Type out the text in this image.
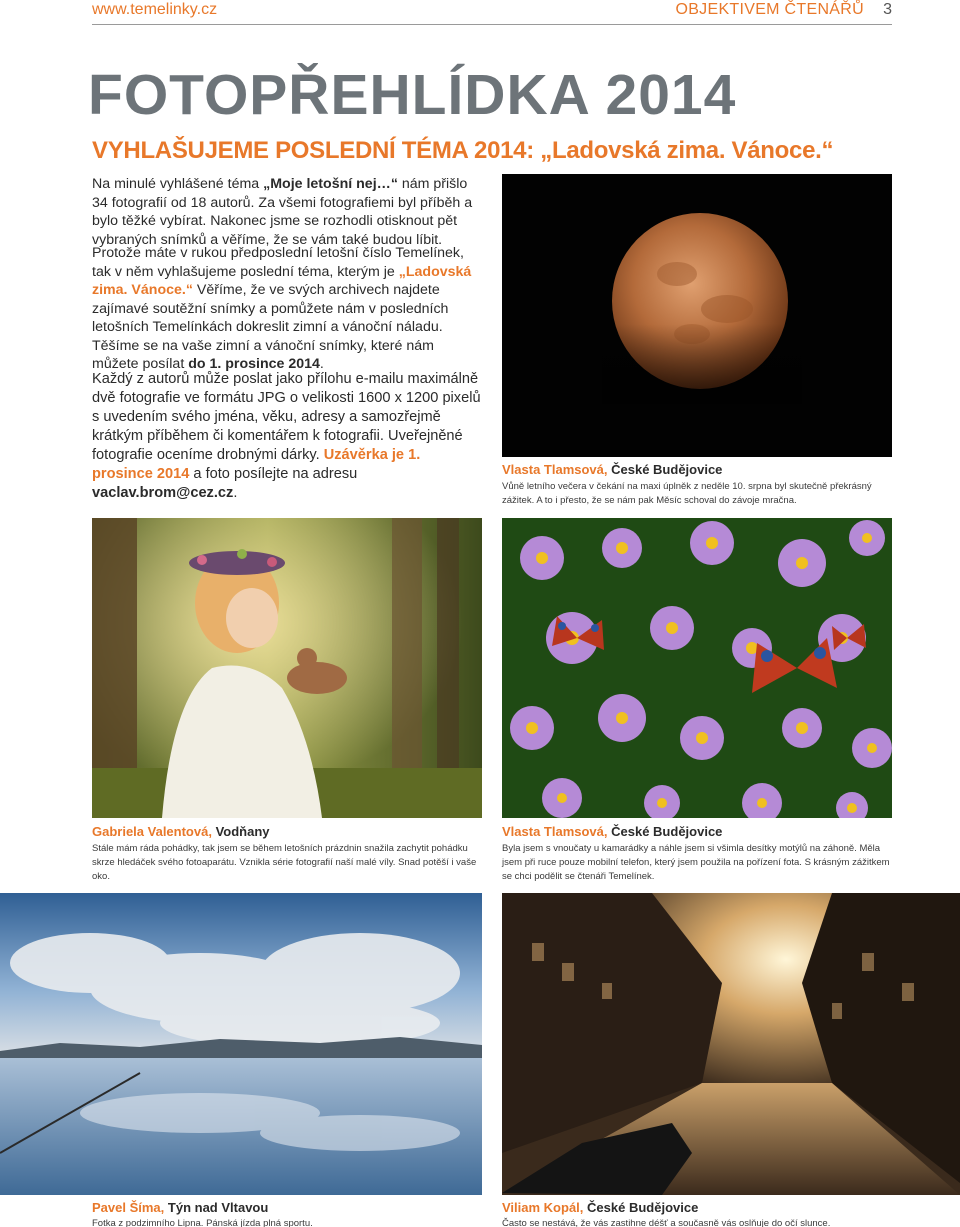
www.temelinky.cz	OBJEKTIVEM ČTENÁŘŮ 3
FOTOPŘEHLÍDKA 2014
VYHLAŠUJEME POSLEDNÍ TÉMA 2014: „Ladovská zima. Vánoce.“

Na minulé vyhlášené téma „Moje letošní nej…“ nám přišlo 34 fotografií od 18 autorů. Za všemi fotografiemi byl příběh a bylo těžké vybírat. Nakonec jsme se rozhodli otisknout pět vybraných snímků a věříme, že se vám také budou líbit.

Protože máte v rukou předposlední letošní číslo Temelínek, tak v něm vyhlašujeme poslední téma, kterým je „Ladovská zima. Vánoce.“ Věříme, že ve svých archivech najdete zajímavé soutěžní snímky a pomůžete nám v posledních letošních Temelínkách dokreslit zimní a vánoční náladu. Těšíme se na vaše zimní a vánoční snímky, které nám můžete posílat do 1. prosince 2014.

Každý z autorů může poslat jako přílohu e-mailu maximálně dvě fotografie ve formátu JPG o velikosti 1600 x 1200 pixelů s uvedením svého jména, věku, adresy a samozřejmě krátkým příběhem či komentářem k fotografii. Uveřejněné fotografie oceníme drobnými dárky. Uzávěrka je 1. prosince 2014 a foto posílejte na adresu vaclav.brom@cez.cz.

Vlasta Tlamsová, České Budějovice
Vůně letního večera v čekání na maxi úplněk z neděle 10. srpna byl skutečně překrásný zážitek. A to i přesto, že se nám pak Měsíc schoval do závoje mračna.
Gabriela Valentová, Vodňany
Stále mám ráda pohádky, tak jsem se během letošních prázdnin snažila zachytit pohádku skrze hledáček svého fotoaparátu. Vznikla série fotografií naší malé víly. Snad potěší i vaše oko.
Vlasta Tlamsová, České Budějovice
Byla jsem s vnoučaty u kamarádky a náhle jsem si všimla desítky motýlů na záhoně. Měla jsem při ruce pouze mobilní telefon, který jsem použila na pořízení fota. S krásným zážitkem se chci podělit se čtenáři Temelínek.
Pavel Šíma, Týn nad Vltavou
Fotka z podzimního Lipna. Pánská jízda plná sportu.
Viliam Kopál, České Budějovice
Často se nestává, že vás zastihne déšť a současně vás oslňuje do očí slunce.
